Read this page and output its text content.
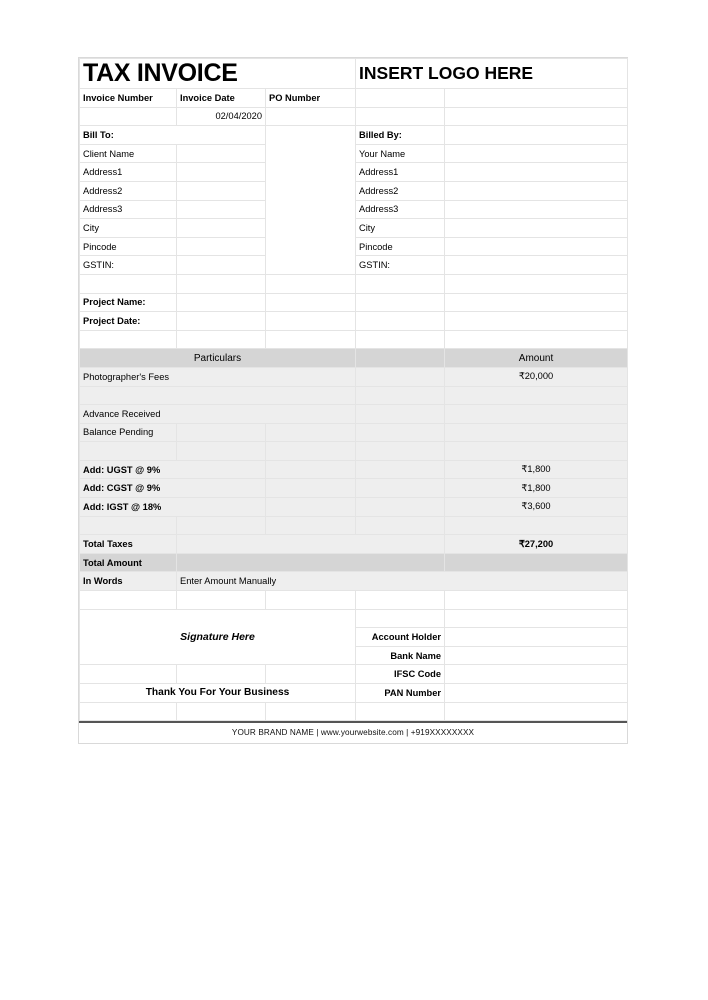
TAX INVOICE			INSERT LOGO HERE	
Invoice Number	Invoice Date	PO Number		
	02/04/2020			
Bill To:			Billed By:	
Client Name			Your Name	
Address1			Address1	
Address2			Address2	
Address3			Address3	
City			City	
Pincode			Pincode	
GSTIN:			GSTIN:	

Project Name:				
Project Date:				

Particulars				Amount
Photographer's Fees				₹20,000

Advance Received				
Balance Pending				

Add: UGST @ 9%				₹1,800
Add: CGST @ 9%				₹1,800
Add: IGST @ 18%				₹3,600

Total Taxes				₹27,200
Total Amount				
In Words	Enter Amount Manually			

Signature Here				
			Account Holder	
			Bank Name	
			IFSC Code	
Thank You For Your Business			PAN Number	

YOUR BRAND NAME | www.yourwebsite.com | +919XXXXXXXX
